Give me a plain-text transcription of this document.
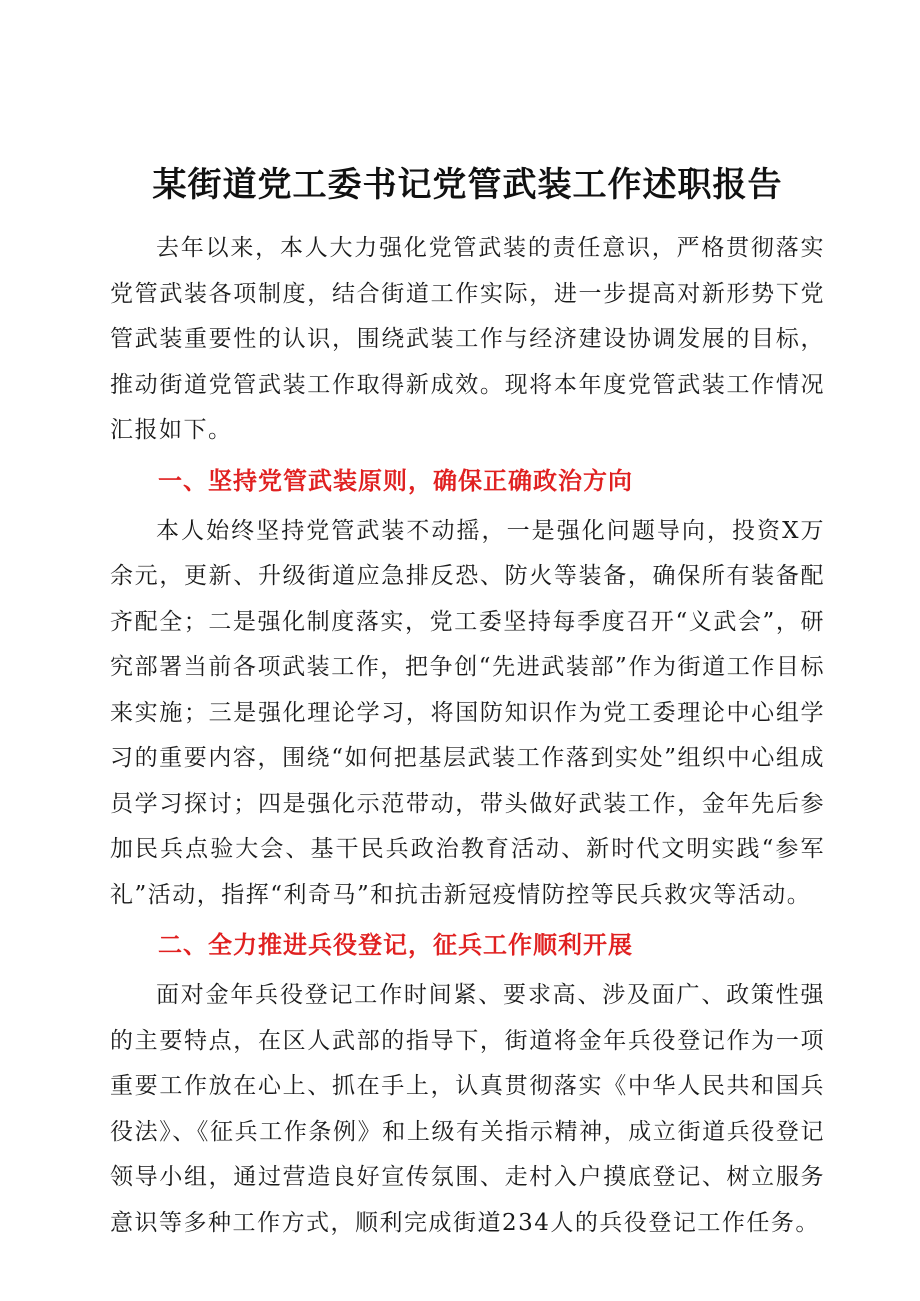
某街道党工委书记党管武装工作述职报告

去年以来，本人大力强化党管武装的责任意识，严格贯彻落实党管武装各项制度，结合街道工作实际，进一步提高对新形势下党管武装重要性的认识，围绕武装工作与经济建设协调发展的目标，推动街道党管武装工作取得新成效。现将本年度党管武装工作情况汇报如下。

一、坚持党管武装原则，确保正确政治方向

本人始终坚持党管武装不动摇，一是强化问题导向，投资X万余元，更新、升级街道应急排反恐、防火等装备，确保所有装备配齐配全；二是强化制度落实，党工委坚持每季度召开“义武会”，研究部署当前各项武装工作，把争创“先进武装部”作为街道工作目标来实施；三是强化理论学习，将国防知识作为党工委理论中心组学习的重要内容，围绕“如何把基层武装工作落到实处”组织中心组成员学习探讨；四是强化示范带动，带头做好武装工作，金年先后参加民兵点验大会、基干民兵政治教育活动、新时代文明实践“参军礼”活动，指挥“利奇马”和抗击新冠疫情防控等民兵救灾等活动。

二、全力推进兵役登记，征兵工作顺利开展

面对金年兵役登记工作时间紧、要求高、涉及面广、政策性强的主要特点，在区人武部的指导下，街道将金年兵役登记作为一项重要工作放在心上、抓在手上，认真贯彻落实《中华人民共和国兵役法》、《征兵工作条例》和上级有关指示精神，成立街道兵役登记领导小组，通过营造良好宣传氛围、走村入户摸底登记、树立服务意识等多种工作方式，顺利完成街道234人的兵役登记工作任务。
